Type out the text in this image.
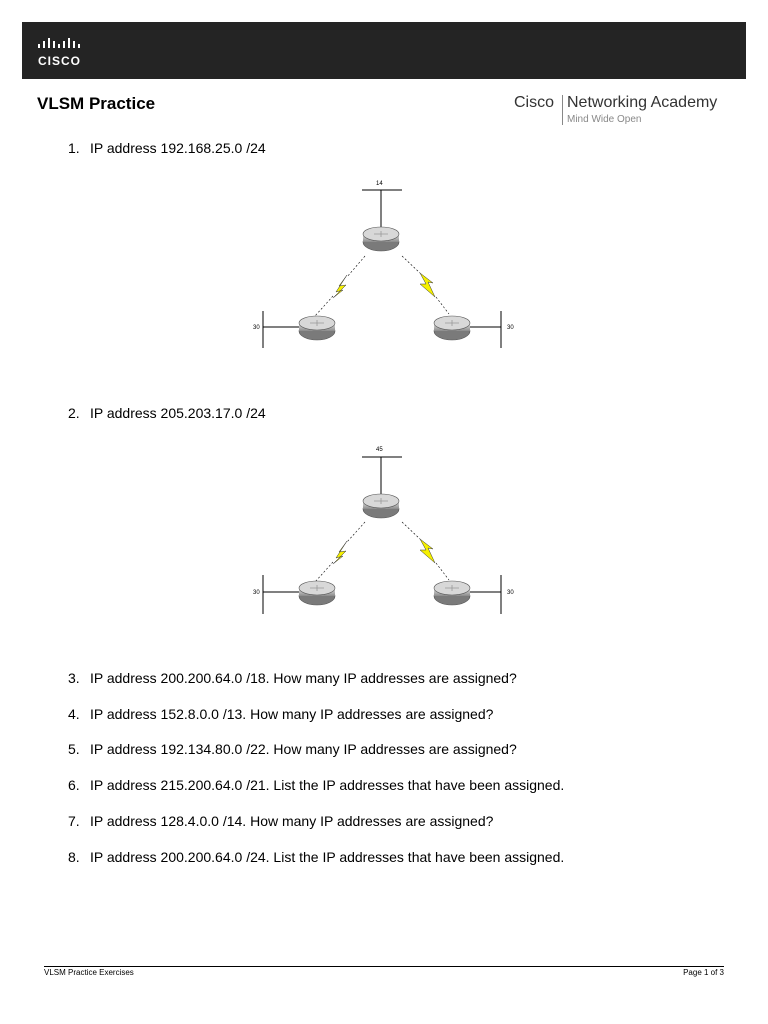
CISCO
VLSM Practice	Cisco Networking Academy
Mind Wide Open
1. IP address 192.168.25.0 /24
14
30	30
2. IP address 205.203.17.0 /24
45
30	30
3. IP address 200.200.64.0 /18. How many IP addresses are assigned?
4. IP address 152.8.0.0 /13. How many IP addresses are assigned?
5. IP address 192.134.80.0 /22. How many IP addresses are assigned?
6. IP address 215.200.64.0 /21. List the IP addresses that have been assigned.
7. IP address 128.4.0.0 /14. How many IP addresses are assigned?
8. IP address 200.200.64.0 /24. List the IP addresses that have been assigned.
VLSM Practice Exercises	Page 1 of 3
